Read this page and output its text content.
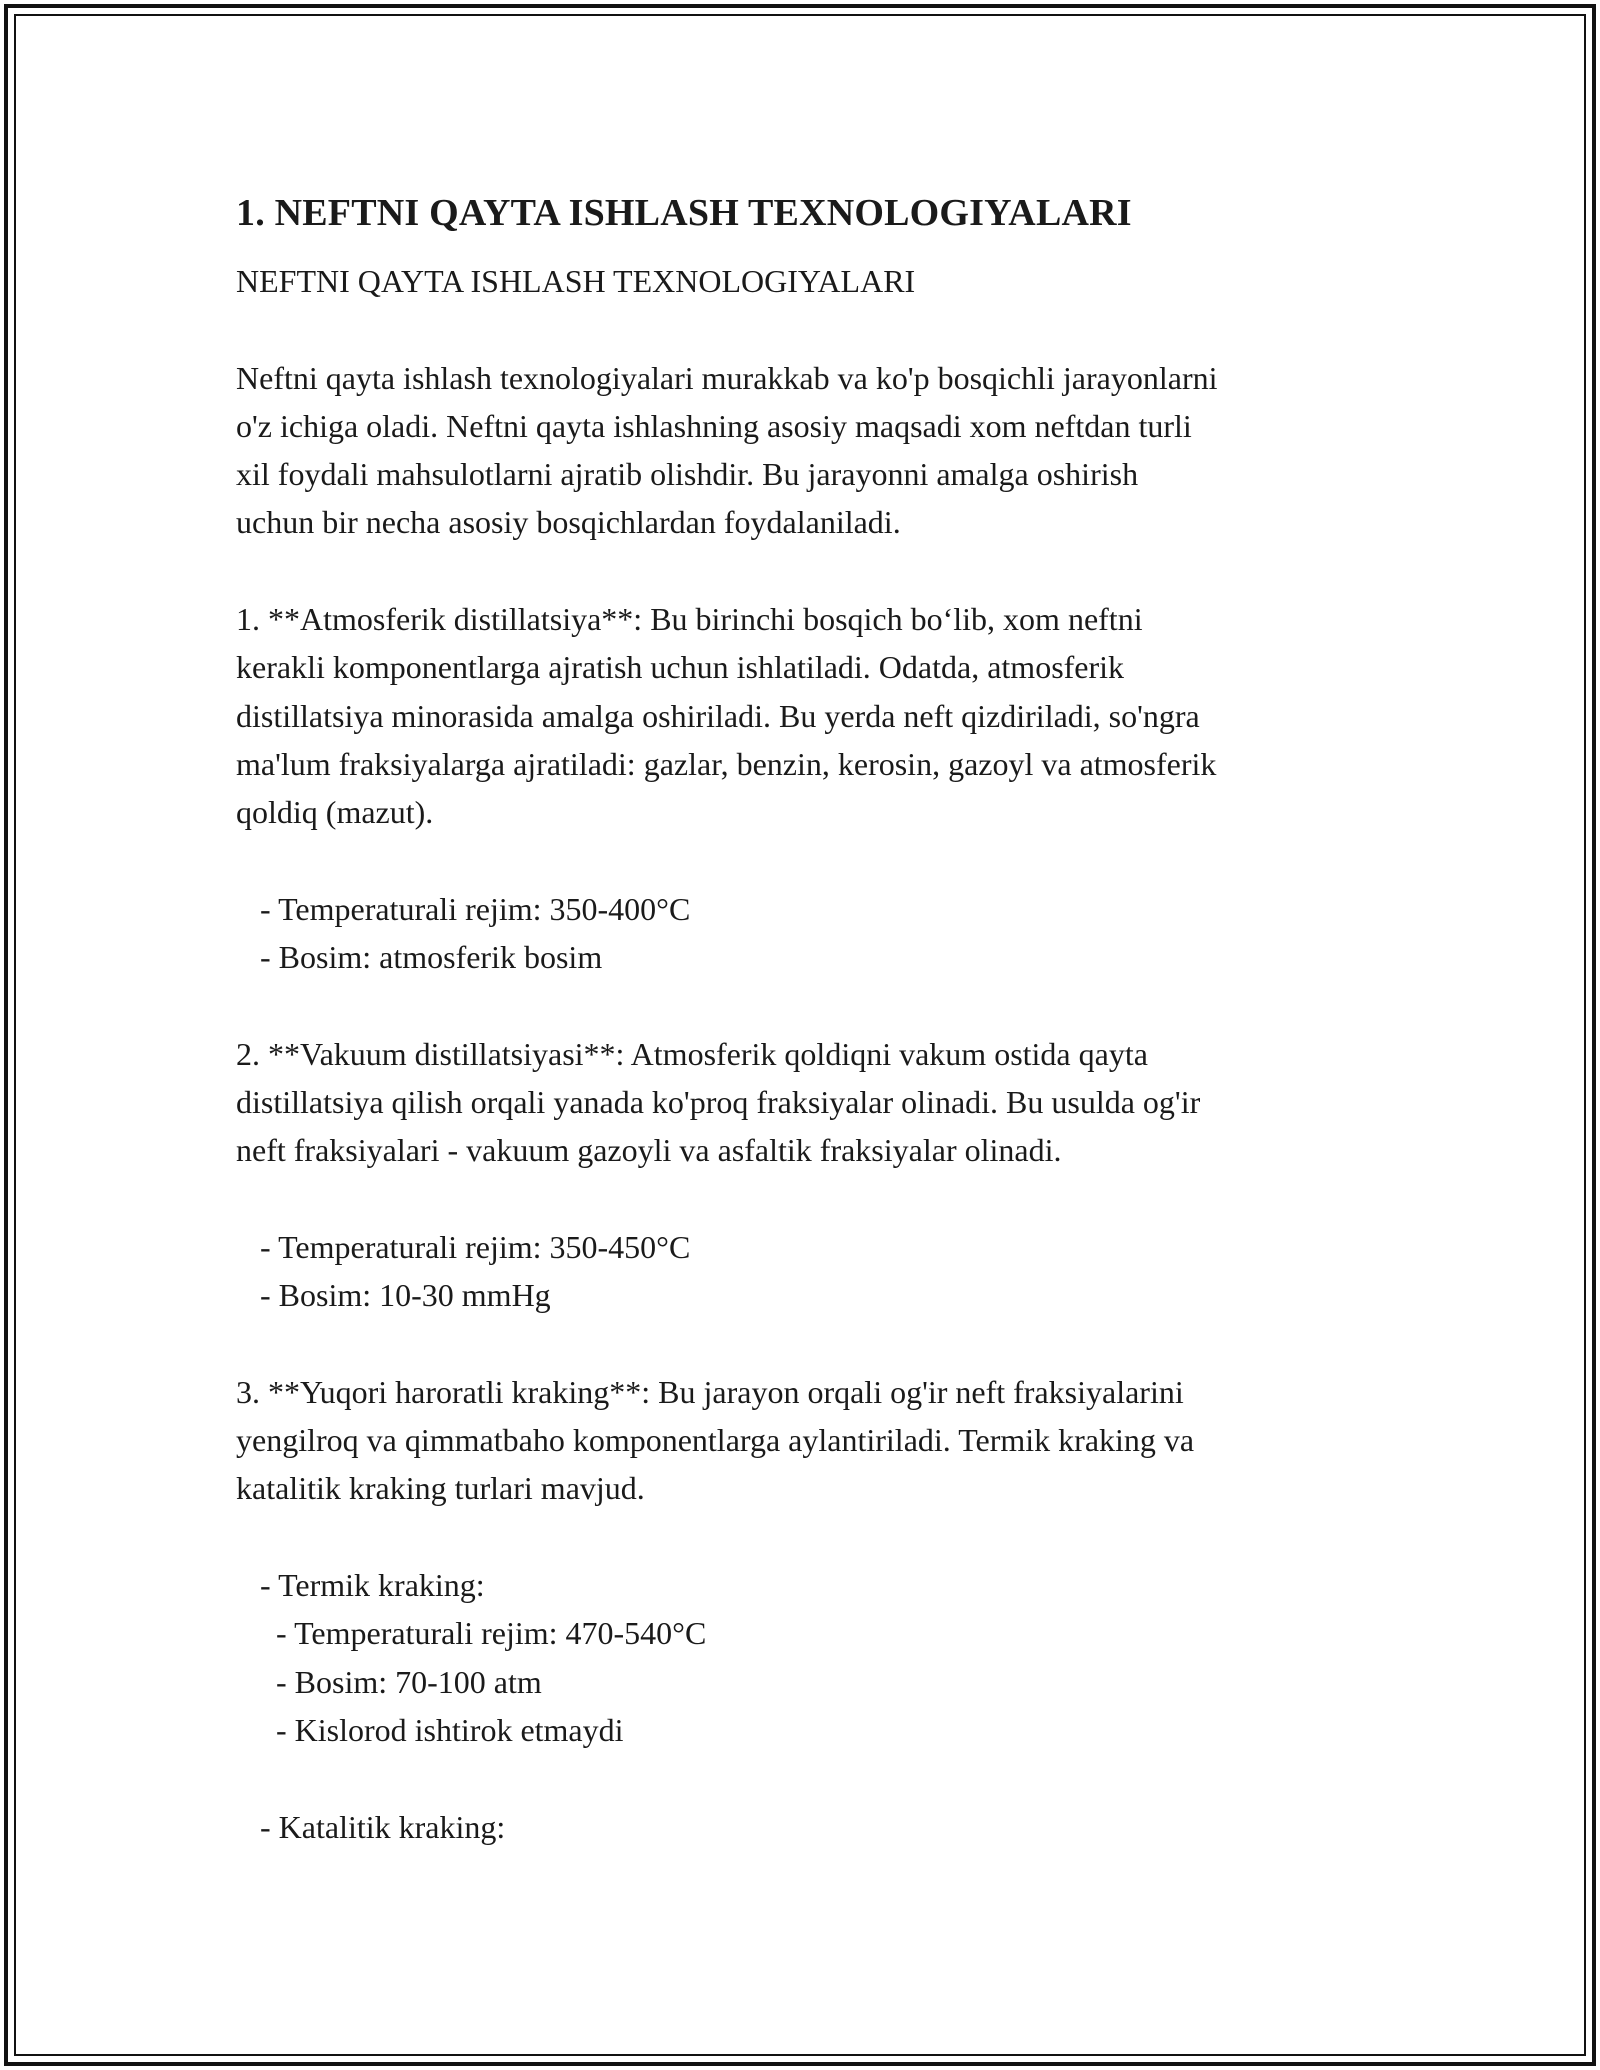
1. NEFTNI QAYTA ISHLASH TEXNOLOGIYALARI

NEFTNI QAYTA ISHLASH TEXNOLOGIYALARI

Neftni qayta ishlash texnologiyalari murakkab va ko'p bosqichli jarayonlarni

o'z ichiga oladi. Neftni qayta ishlashning asosiy maqsadi xom neftdan turli

xil foydali mahsulotlarni ajratib olishdir. Bu jarayonni amalga oshirish

uchun bir necha asosiy bosqichlardan foydalaniladi.

1. **Atmosferik distillatsiya**: Bu birinchi bosqich bo‘lib, xom neftni

kerakli komponentlarga ajratish uchun ishlatiladi. Odatda, atmosferik

distillatsiya minorasida amalga oshiriladi. Bu yerda neft qizdiriladi, so'ngra

ma'lum fraksiyalarga ajratiladi: gazlar, benzin, kerosin, gazoyl va atmosferik

qoldiq (mazut).

- Temperaturali rejim: 350-400°C

- Bosim: atmosferik bosim

2. **Vakuum distillatsiyasi**: Atmosferik qoldiqni vakum ostida qayta

distillatsiya qilish orqali yanada ko'proq fraksiyalar olinadi. Bu usulda og'ir

neft fraksiyalari - vakuum gazoyli va asfaltik fraksiyalar olinadi.

- Temperaturali rejim: 350-450°C

- Bosim: 10-30 mmHg

3. **Yuqori haroratli kraking**: Bu jarayon orqali og'ir neft fraksiyalarini

yengilroq va qimmatbaho komponentlarga aylantiriladi. Termik kraking va

katalitik kraking turlari mavjud.

- Termik kraking:

- Temperaturali rejim: 470-540°C

- Bosim: 70-100 atm

- Kislorod ishtirok etmaydi

- Katalitik kraking:
